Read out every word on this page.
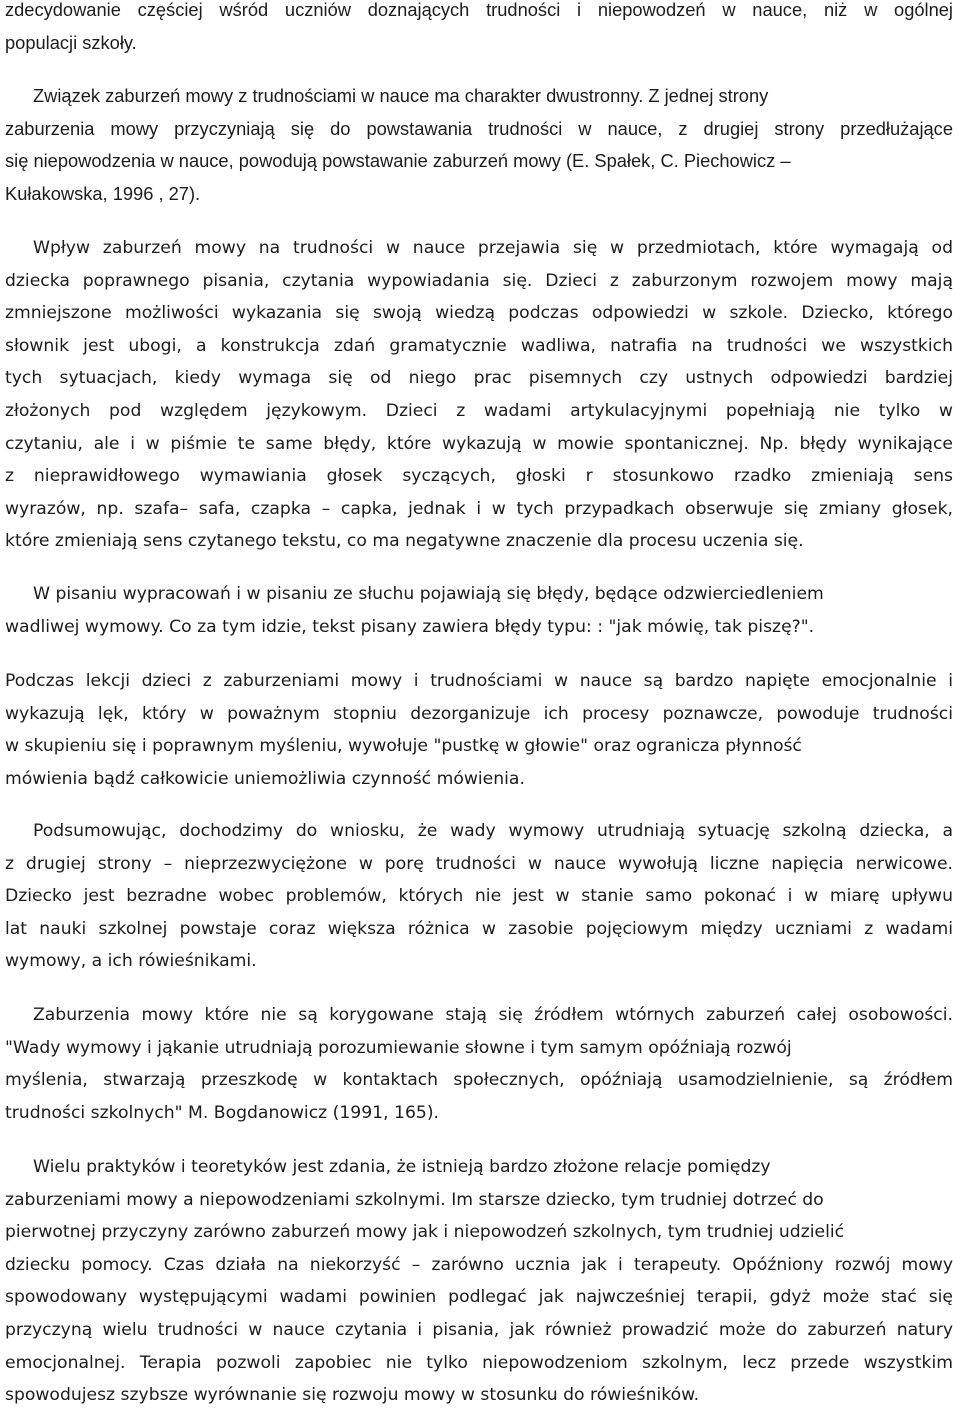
zdecydowanie częściej wśród uczniów doznających trudności i niepowodzeń w nauce, niż w ogólnej
populacji szkoły.
Związek zaburzeń mowy z trudnościami w nauce ma charakter dwustronny. Z jednej strony
zaburzenia mowy przyczyniają się do powstawania trudności w nauce, z drugiej strony przedłużające
się niepowodzenia w nauce, powodują powstawanie zaburzeń mowy (E. Spałek, C. Piechowicz –
Kułakowska, 1996 , 27).
Wpływ zaburzeń mowy na trudności w nauce przejawia się w przedmiotach, które wymagają od
dziecka poprawnego pisania, czytania wypowiadania się. Dzieci z zaburzonym rozwojem mowy mają
zmniejszone możliwości wykazania się swoją wiedzą podczas odpowiedzi w szkole. Dziecko, którego
słownik jest ubogi, a konstrukcja zdań gramatycznie wadliwa, natrafia na trudności we wszystkich
tych sytuacjach, kiedy wymaga się od niego prac pisemnych czy ustnych odpowiedzi bardziej
złożonych pod względem językowym. Dzieci z wadami artykulacyjnymi popełniają nie tylko w
czytaniu, ale i w piśmie te same błędy, które wykazują w mowie spontanicznej. Np. błędy wynikające
z nieprawidłowego wymawiania głosek syczących, głoski r stosunkowo rzadko zmieniają sens
wyrazów, np. szafa– safa, czapka – capka, jednak i w tych przypadkach obserwuje się zmiany głosek,
które zmieniają sens czytanego tekstu, co ma negatywne znaczenie dla procesu uczenia się.
W pisaniu wypracowań i w pisaniu ze słuchu pojawiają się błędy, będące odzwierciedleniem
wadliwej wymowy. Co za tym idzie, tekst pisany zawiera błędy typu: : "jak mówię, tak piszę?".
Podczas lekcji dzieci z zaburzeniami mowy i trudnościami w nauce są bardzo napięte emocjonalnie i
wykazują lęk, który w poważnym stopniu dezorganizuje ich procesy poznawcze, powoduje trudności
w skupieniu się i poprawnym myśleniu, wywołuje "pustkę w głowie" oraz ogranicza płynność
mówienia bądź całkowicie uniemożliwia czynność mówienia.
Podsumowując, dochodzimy do wniosku, że wady wymowy utrudniają sytuację szkolną dziecka, a
z drugiej strony – nieprzezwyciężone w porę trudności w nauce wywołują liczne napięcia nerwicowe.
Dziecko jest bezradne wobec problemów, których nie jest w stanie samo pokonać i w miarę upływu
lat nauki szkolnej powstaje coraz większa różnica w zasobie pojęciowym między uczniami z wadami
wymowy, a ich rówieśnikami.
Zaburzenia mowy które nie są korygowane stają się źródłem wtórnych zaburzeń całej osobowości.
"Wady wymowy i jąkanie utrudniają porozumiewanie słowne i tym samym opóźniają rozwój
myślenia, stwarzają przeszkodę w kontaktach społecznych, opóźniają usamodzielnienie, są źródłem
trudności szkolnych" M. Bogdanowicz (1991, 165).
Wielu praktyków i teoretyków jest zdania, że istnieją bardzo złożone relacje pomiędzy
zaburzeniami mowy a niepowodzeniami szkolnymi. Im starsze dziecko, tym trudniej dotrzeć do
pierwotnej przyczyny zarówno zaburzeń mowy jak i niepowodzeń szkolnych, tym trudniej udzielić
dziecku pomocy. Czas działa na niekorzyść – zarówno ucznia jak i terapeuty. Opóźniony rozwój mowy
spowodowany występującymi wadami powinien podlegać jak najwcześniej terapii, gdyż może stać się
przyczyną wielu trudności w nauce czytania i pisania, jak również prowadzić może do zaburzeń natury
emocjonalnej. Terapia pozwoli zapobiec nie tylko niepowodzeniom szkolnym, lecz przede wszystkim
spowodujesz szybsze wyrównanie się rozwoju mowy w stosunku do rówieśników.
